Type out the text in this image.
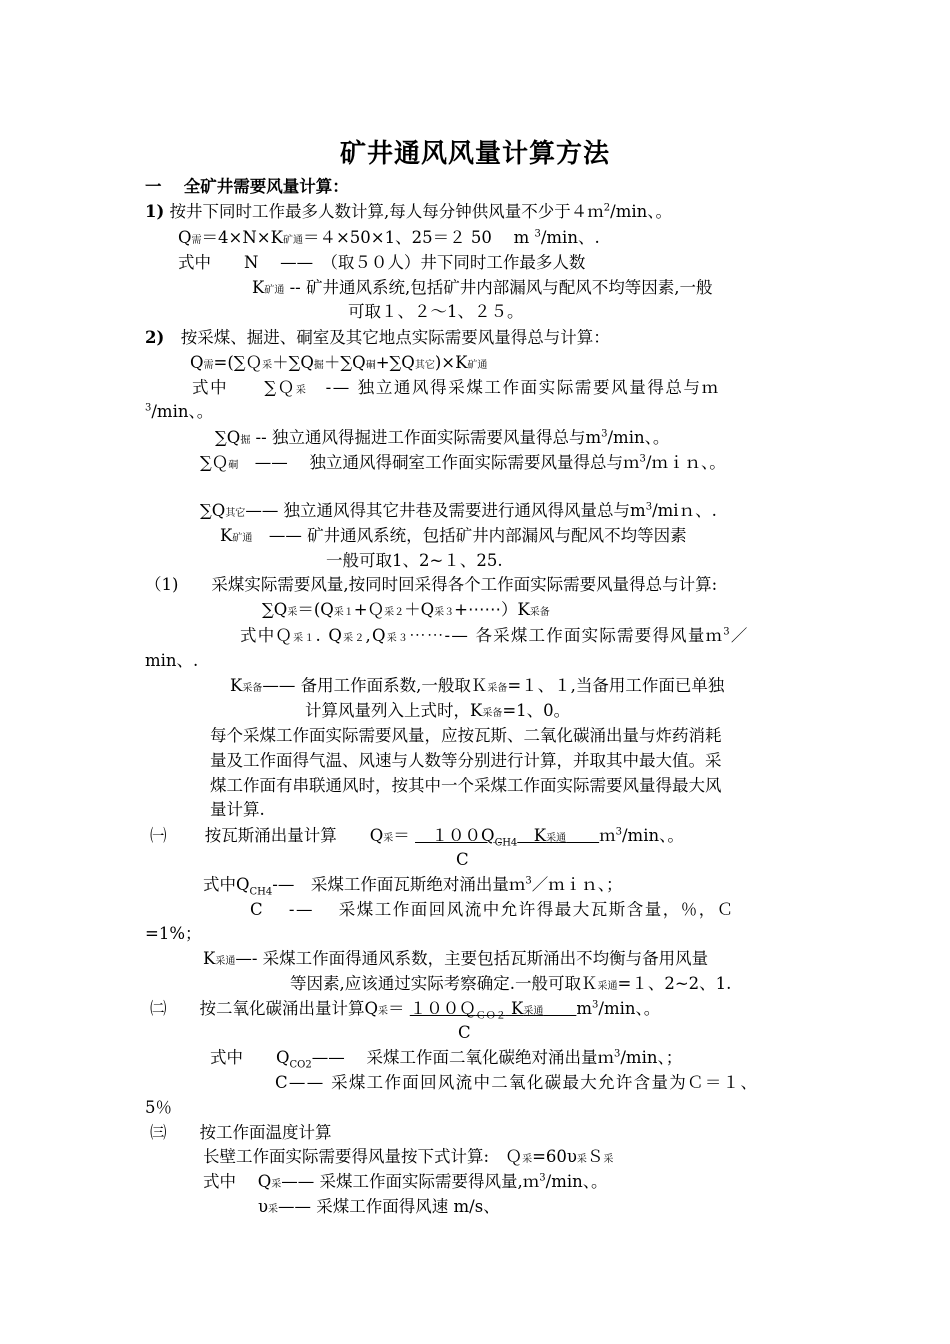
矿井通风风量计算方法
一　 全矿井需要风量计算：
1) 按井下同时工作最多人数计算,每人每分钟供风量不少于４ｍ$^2$/min、。
Q需＝4×N×K矿通＝４×50×1、25＝２ 50　 m $^3$/min、.
式中　　N　 ——　（取５０人）井下同时工作最多人数
K矿通 -- 矿井通风系统,包括矿井内部漏风与配风不均等因素,一般
可取１、２～1、２５。
2)　按采煤、掘进、硐室及其它地点实际需要风量得总与计算：
Q需=(∑Ｑ采＋∑Q掘＋∑Q硐+∑Q其它)×K矿通
式中　　∑Ｑ采　-— 独立通风得采煤工作面实际需要风量得总与ｍ
$^3$/min、。
∑Q掘 -- 独立通风得掘进工作面实际需要风量得总与$m^3/\min$、。
∑Ｑ硐　——　 独立通风得硐室工作面实际需要风量得总与ｍ$^3$/ｍｉｎ、。
∑Q其它—— 独立通风得其它井巷及需要进行通风得风量总与$m^3$/miｎ、.
K矿通　—— 矿井通风系统，包括矿井内部漏风与配风不均等因素
一般可取1、2~１、25.
（1)　　采煤实际需要风量,按同时回采得各个工作面实际需要风量得总与计算:
∑Q采＝(Q采１+Ｑ采２＋Q采３+⋯⋯）K采备
式中Ｑ采１. Q采２,Q采３⋯⋯-— 各采煤工作面实际需要得风量ｍ$^3$／
min、.
K采备—— 备用工作面系数,一般取Ｋ采备=１、１,当备用工作面已单独
计算风量列入上式时，K采备=1、0。
每个采煤工作面实际需要风量，应按瓦斯、二氧化碳涌出量与炸药消耗
量及工作面得气温、风速与人数等分别进行计算，并取其中最大值。采
煤工作面有串联通风时，按其中一个采煤工作面实际需要风量得最大风
量计算.
㈠　　 按瓦斯涌出量计算　　Q采＝ 　$100Q_{CH4}$　K采通　　 ｍ$^3$/min、。
C
式中$Q_{CH4}-—$　采煤工作面瓦斯绝对涌出量ｍ$^3$／ｍｉｎ、；
C　 -— 　采煤工作面回风流中允许得最大瓦斯含量，％，Ｃ
=1%；
K采通—- 采煤工作面得通风系数，主要包括瓦斯涌出不均衡与备用风量
等因素,应该通过实际考察确定.一般可取Ｋ采通=１、2~2、1.
㈡　　按二氧化碳涌出量计算Q采＝ １００Ｑ$_{CO2}$ K采通　　 $m^3/\min$、。
C
式中　　$Q_{CO2}——$　 采煤工作面二氧化碳绝对涌出量ｍ$^3$/min、；
C—— 采煤工作面回风流中二氧化碳最大允许含量为Ｃ＝１、
5％
㈢　　按工作面温度计算
长壁工作面实际需要得风量按下式计算:　Ｑ采=60υ采Ｓ采
式中　 Q采—— 采煤工作面实际需要得风量,ｍ$^3$/min、。
υ采—— 采煤工作面得风速 m/s、
